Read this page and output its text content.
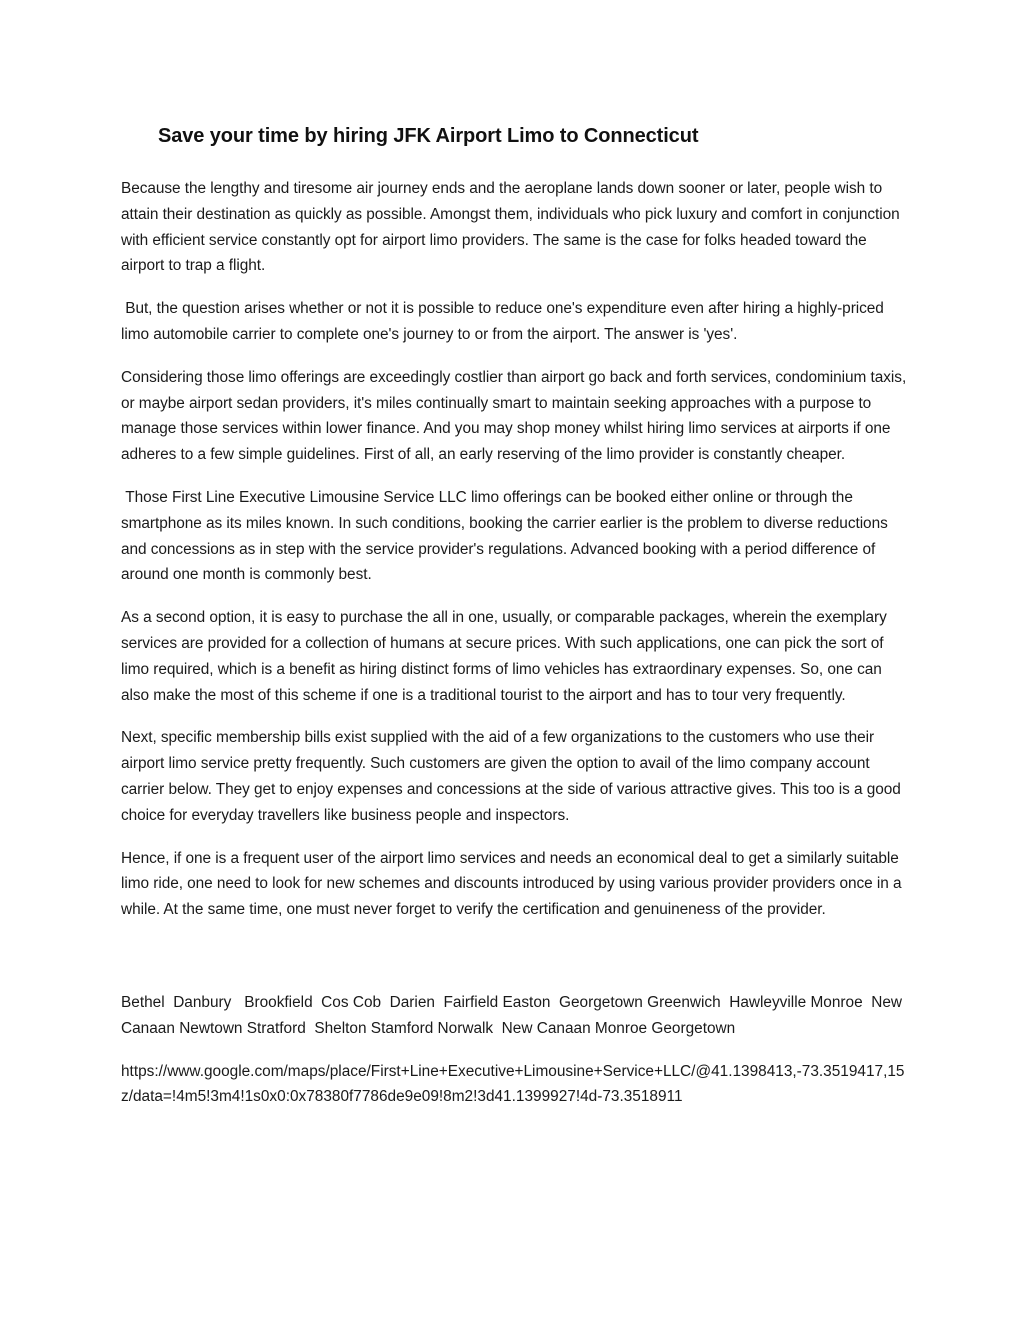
Save your time by hiring JFK Airport Limo to Connecticut

Because the lengthy and tiresome air journey ends and the aeroplane lands down sooner or later, people wish to attain their destination as quickly as possible. Amongst them, individuals who pick luxury and comfort in conjunction with efficient service constantly opt for airport limo providers. The same is the case for folks headed toward the airport to trap a flight.

But, the question arises whether or not it is possible to reduce one's expenditure even after hiring a highly-priced limo automobile carrier to complete one's journey to or from the airport. The answer is 'yes'.

Considering those limo offerings are exceedingly costlier than airport go back and forth services, condominium taxis, or maybe airport sedan providers, it's miles continually smart to maintain seeking approaches with a purpose to manage those services within lower finance. And you may shop money whilst hiring limo services at airports if one adheres to a few simple guidelines. First of all, an early reserving of the limo provider is constantly cheaper.

Those First Line Executive Limousine Service LLC limo offerings can be booked either online or through the smartphone as its miles known. In such conditions, booking the carrier earlier is the problem to diverse reductions and concessions as in step with the service provider's regulations. Advanced booking with a period difference of around one month is commonly best.

As a second option, it is easy to purchase the all in one, usually, or comparable packages, wherein the exemplary services are provided for a collection of humans at secure prices. With such applications, one can pick the sort of limo required, which is a benefit as hiring distinct forms of limo vehicles has extraordinary expenses. So, one can also make the most of this scheme if one is a traditional tourist to the airport and has to tour very frequently.

Next, specific membership bills exist supplied with the aid of a few organizations to the customers who use their airport limo service pretty frequently. Such customers are given the option to avail of the limo company account carrier below. They get to enjoy expenses and concessions at the side of various attractive gives. This too is a good choice for everyday travellers like business people and inspectors.

Hence, if one is a frequent user of the airport limo services and needs an economical deal to get a similarly suitable limo ride, one need to look for new schemes and discounts introduced by using various provider providers once in a while. At the same time, one must never forget to verify the certification and genuineness of the provider.

Bethel  Danbury   Brookfield  Cos Cob  Darien  Fairfield Easton  Georgetown Greenwich  Hawleyville Monroe  New Canaan Newtown Stratford  Shelton Stamford Norwalk  New Canaan Monroe Georgetown

https://www.google.com/maps/place/First+Line+Executive+Limousine+Service+LLC/@41.1398413,-73.3519417,15z/data=!4m5!3m4!1s0x0:0x78380f7786de9e09!8m2!3d41.1399927!4d-73.3518911
